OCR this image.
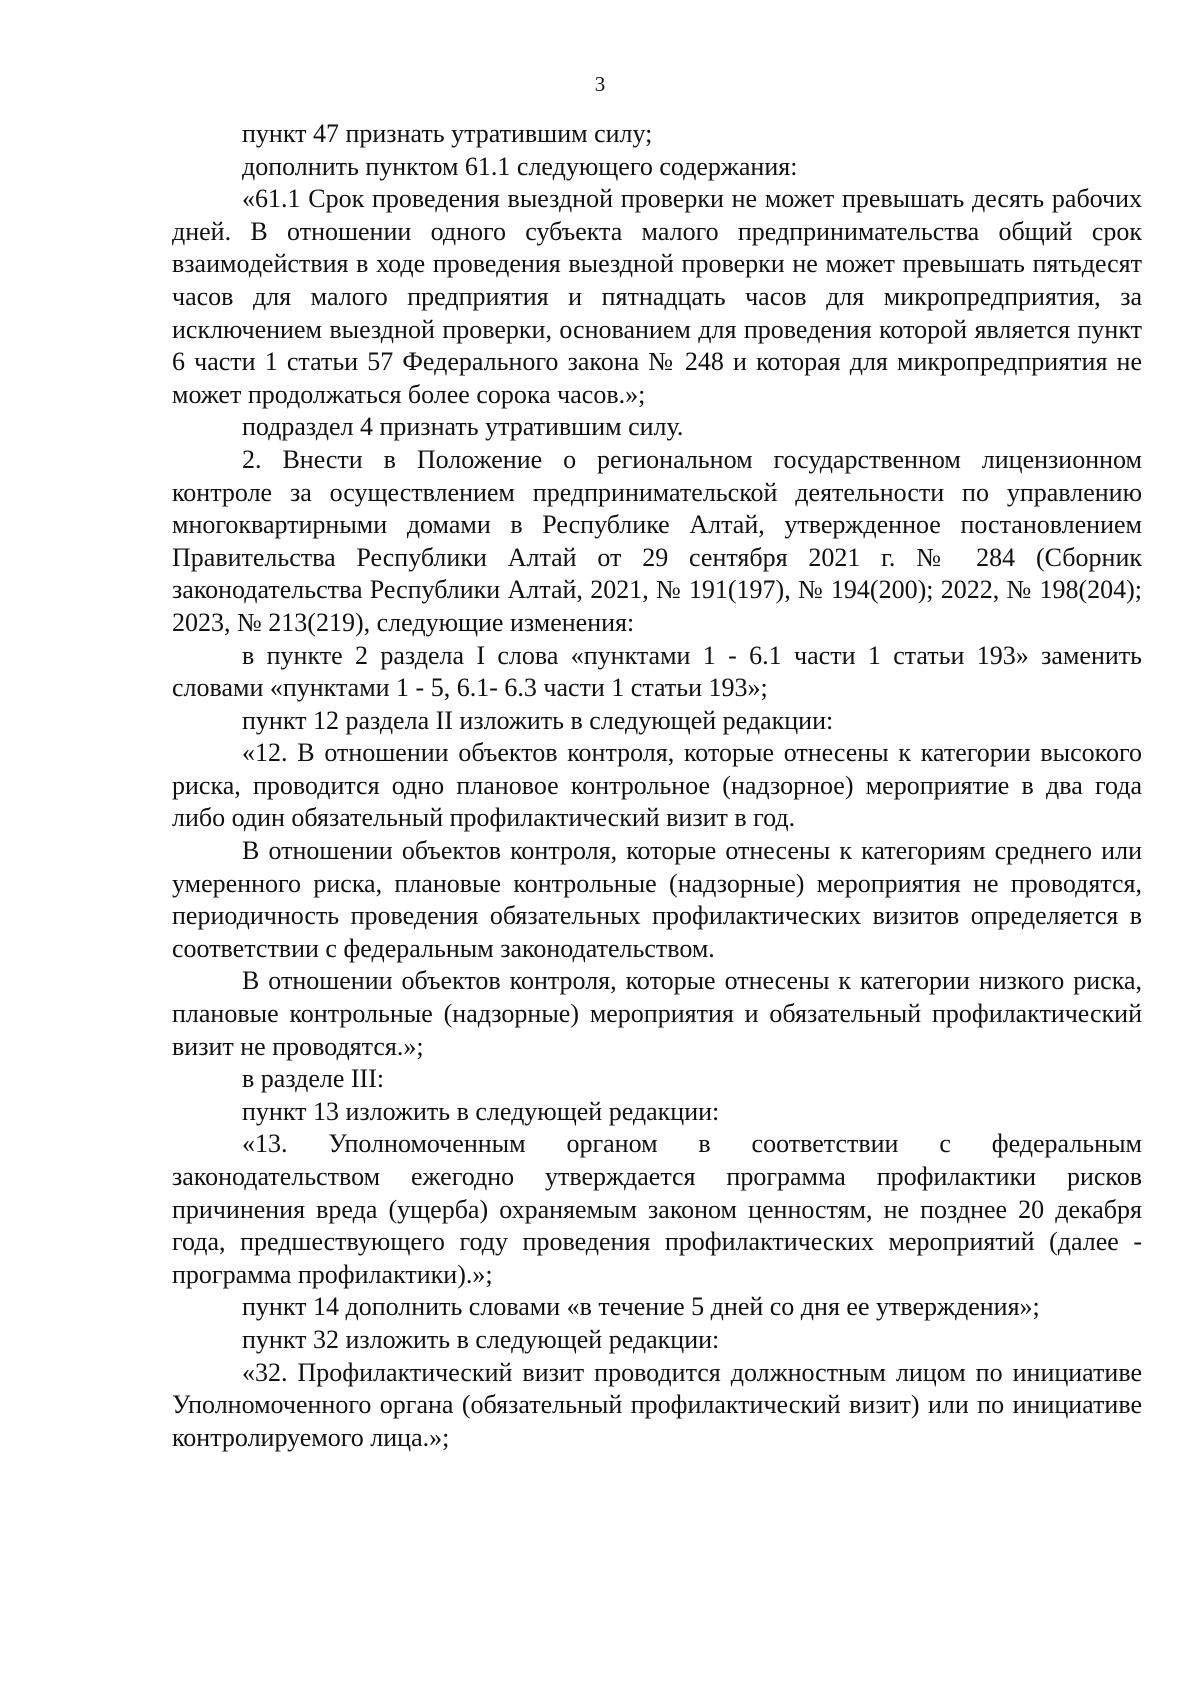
3

пункт 47 признать утратившим силу;

дополнить пунктом 61.1 следующего содержания:

«61.1 Срок проведения выездной проверки не может превышать десять рабочих дней. В отношении одного субъекта малого предпринимательства общий срок взаимодействия в ходе проведения выездной проверки не может превышать пятьдесят часов для малого предприятия и пятнадцать часов для микропредприятия, за исключением выездной проверки, основанием для проведения которой является пункт 6 части 1 статьи 57 Федерального закона № 248 и которая для микропредприятия не может продолжаться более сорока часов.»;

подраздел 4 признать утратившим силу.

2. Внести в Положение о региональном государственном лицензионном контроле за осуществлением предпринимательской деятельности по управлению многоквартирными домами в Республике Алтай, утвержденное постановлением Правительства Республики Алтай от 29 сентября 2021 г. № 284 (Сборник законодательства Республики Алтай, 2021, № 191(197), № 194(200); 2022, № 198(204); 2023, № 213(219), следующие изменения:

в пункте 2 раздела I слова «пунктами 1 - 6.1 части 1 статьи 193» заменить словами «пунктами 1 - 5, 6.1- 6.3 части 1 статьи 193»;

пункт 12 раздела II изложить в следующей редакции:

«12. В отношении объектов контроля, которые отнесены к категории высокого риска, проводится одно плановое контрольное (надзорное) мероприятие в два года либо один обязательный профилактический визит в год.

В отношении объектов контроля, которые отнесены к категориям среднего или умеренного риска, плановые контрольные (надзорные) мероприятия не проводятся, периодичность проведения обязательных профилактических визитов определяется в соответствии с федеральным законодательством.

В отношении объектов контроля, которые отнесены к категории низкого риска, плановые контрольные (надзорные) мероприятия и обязательный профилактический визит не проводятся.»;

в разделе III:

пункт 13 изложить в следующей редакции:

«13. Уполномоченным органом в соответствии с федеральным законодательством ежегодно утверждается программа профилактики рисков причинения вреда (ущерба) охраняемым законом ценностям, не позднее 20 декабря года, предшествующего году проведения профилактических мероприятий (далее - программа профилактики).»;

пункт 14 дополнить словами «в течение 5 дней со дня ее утверждения»;

пункт 32 изложить в следующей редакции:

«32. Профилактический визит проводится должностным лицом по инициативе Уполномоченного органа (обязательный профилактический визит) или по инициативе контролируемого лица.»;
